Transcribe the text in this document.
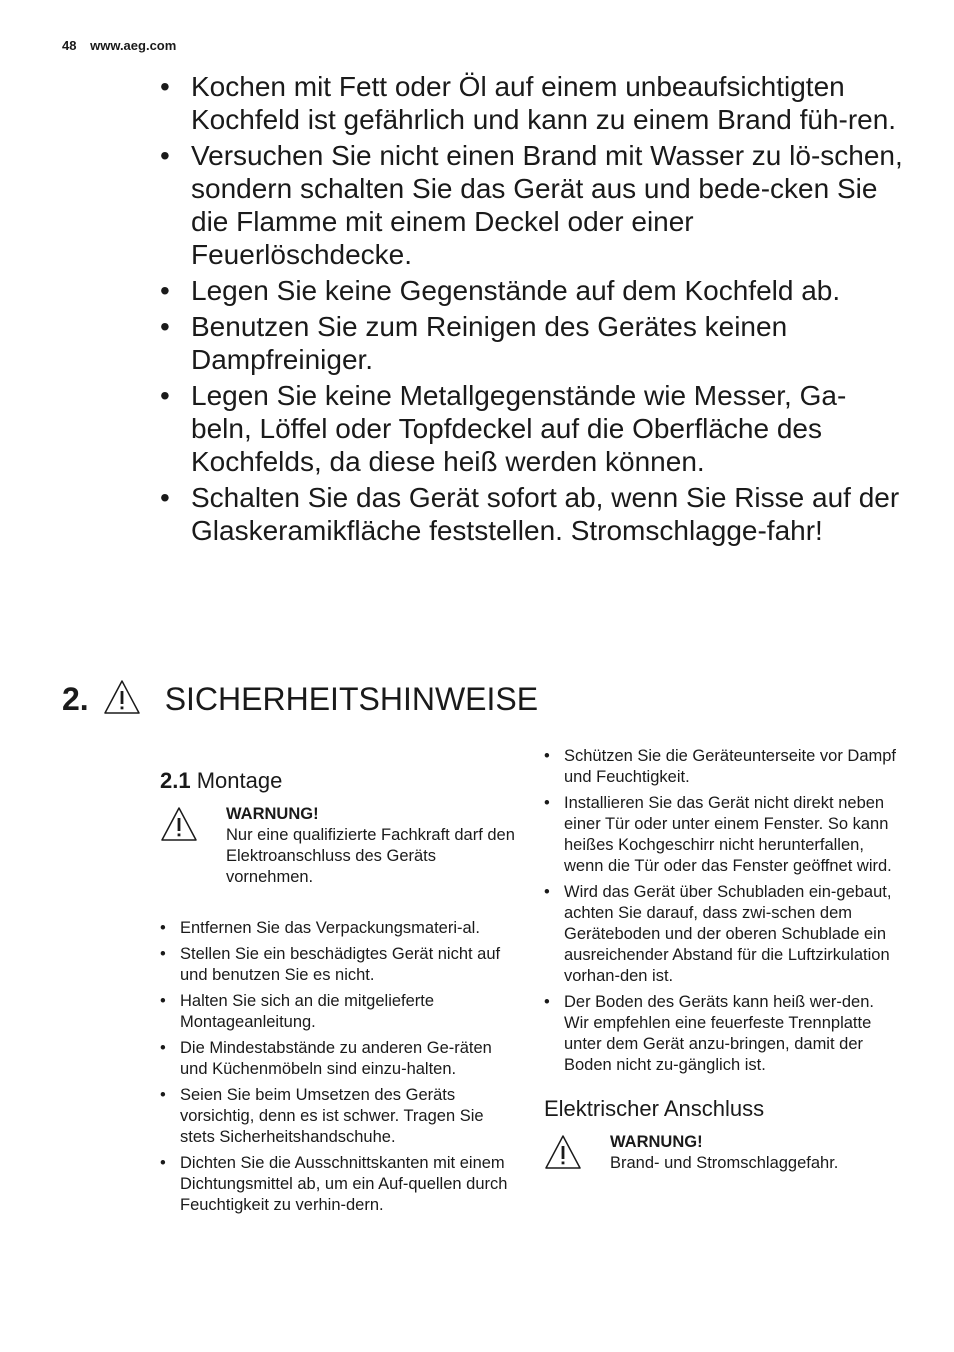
48 www.aeg.com
• Kochen mit Fett oder Öl auf einem unbeaufsichtigten Kochfeld ist gefährlich und kann zu einem Brand füh-ren.
• Versuchen Sie nicht einen Brand mit Wasser zu lö-schen, sondern schalten Sie das Gerät aus und bede-cken Sie die Flamme mit einem Deckel oder einer Feuerlöschdecke.
• Legen Sie keine Gegenstände auf dem Kochfeld ab.
• Benutzen Sie zum Reinigen des Gerätes keinen Dampfreiniger.
• Legen Sie keine Metallgegenstände wie Messer, Ga-beln, Löffel oder Topfdeckel auf die Oberfläche des Kochfelds, da diese heiß werden können.
• Schalten Sie das Gerät sofort ab, wenn Sie Risse auf der Glaskeramikfläche feststellen. Stromschlagge-fahr!
2. SICHERHEITSHINWEISE
2.1 Montage
WARNUNG!
Nur eine qualifizierte Fachkraft darf den Elektroanschluss des Geräts vornehmen.
• Entfernen Sie das Verpackungsmateri-al.
• Stellen Sie ein beschädigtes Gerät nicht auf und benutzen Sie es nicht.
• Halten Sie sich an die mitgelieferte Montageanleitung.
• Die Mindestabstände zu anderen Ge-räten und Küchenmöbeln sind einzu-halten.
• Seien Sie beim Umsetzen des Geräts vorsichtig, denn es ist schwer. Tragen Sie stets Sicherheitshandschuhe.
• Dichten Sie die Ausschnittskanten mit einem Dichtungsmittel ab, um ein Auf-quellen durch Feuchtigkeit zu verhin-dern.
• Schützen Sie die Geräteunterseite vor Dampf und Feuchtigkeit.
• Installieren Sie das Gerät nicht direkt neben einer Tür oder unter einem Fenster. So kann heißes Kochgeschirr nicht herunterfallen, wenn die Tür oder das Fenster geöffnet wird.
• Wird das Gerät über Schubladen ein-gebaut, achten Sie darauf, dass zwi-schen dem Geräteboden und der oberen Schublade ein ausreichender Abstand für die Luftzirkulation vorhan-den ist.
• Der Boden des Geräts kann heiß wer-den. Wir empfehlen eine feuerfeste Trennplatte unter dem Gerät anzu-bringen, damit der Boden nicht zu-gänglich ist.
Elektrischer Anschluss
WARNUNG!
Brand- und Stromschlaggefahr.
